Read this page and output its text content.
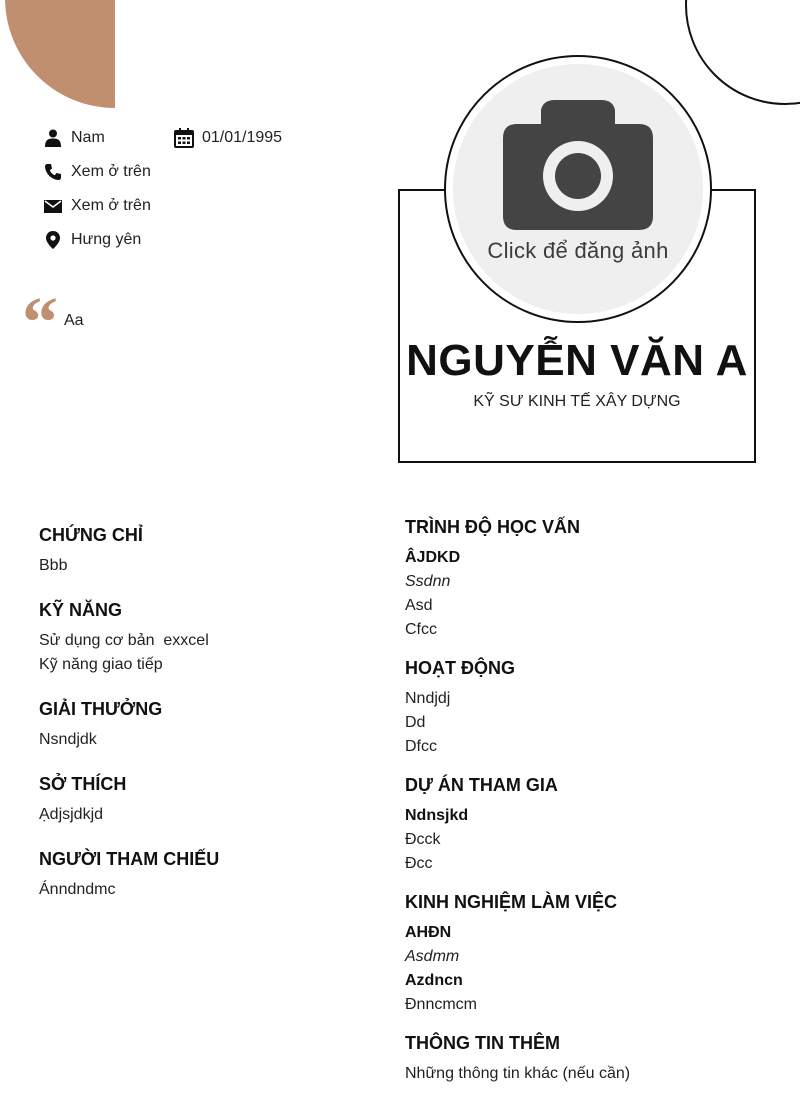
Nam	01/01/1995
Xem ở trên
Xem ở trên
Hưng yên
“ Aa
Click để đăng ảnh
NGUYỄN VĂN A
KỸ SƯ KINH TẾ XÂY DỰNG
CHỨNG CHỈ
Bbb
KỸ NĂNG
Sử dụng cơ bản  exxcel
Kỹ năng giao tiếp
GIẢI THƯỞNG
Nsndjdk
SỞ THÍCH
Ạdjsjdkjd
NGƯỜI THAM CHIẾU
Ánndndmc
TRÌNH ĐỘ HỌC VẤN
ÂJDKD
Ssdnn
Asd
Cfcc
HOẠT ĐỘNG
Nndjdj
Dd
Dfcc
DỰ ÁN THAM GIA
Ndnsjkd
Đcck
Đcc
KINH NGHIỆM LÀM VIỆC
AHĐN
Asdmm
Azdncn
Đnncmcm
THÔNG TIN THÊM
Những thông tin khác (nếu cần)
